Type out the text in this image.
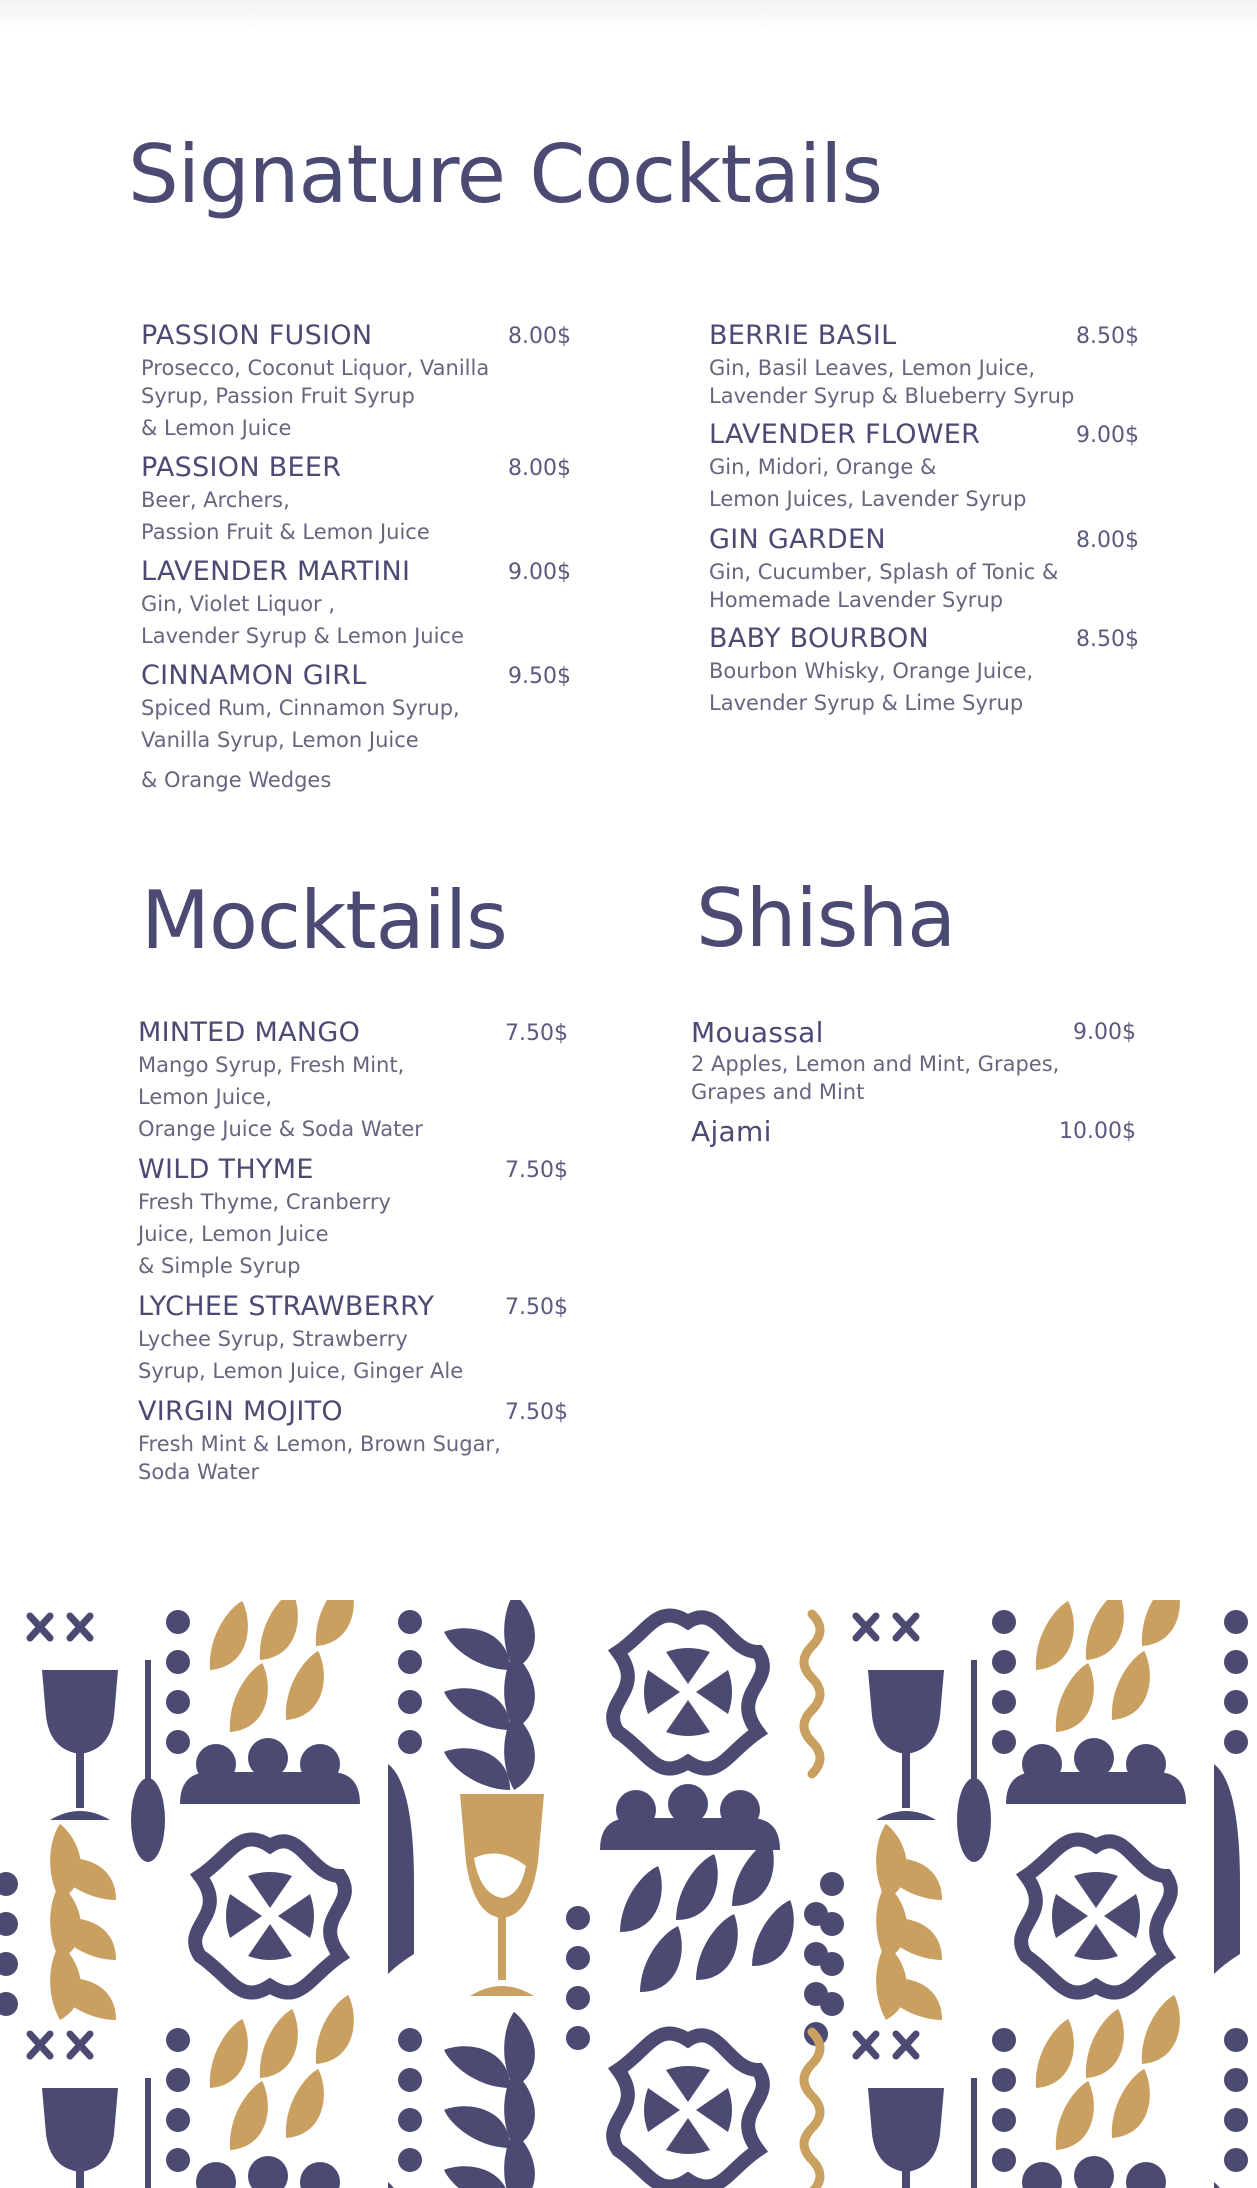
Signature Cocktails
PASSION FUSION	8.00$
Prosecco, Coconut Liquor, Vanilla
Syrup, Passion Fruit Syrup
& Lemon Juice
PASSION BEER	8.00$
Beer, Archers,
Passion Fruit & Lemon Juice
LAVENDER MARTINI	9.00$
Gin, Violet Liquor ,
Lavender Syrup & Lemon Juice
CINNAMON GIRL	9.50$
Spiced Rum, Cinnamon Syrup,
Vanilla Syrup, Lemon Juice
& Orange Wedges
BERRIE BASIL	8.50$
Gin, Basil Leaves, Lemon Juice,
Lavender Syrup & Blueberry Syrup
LAVENDER FLOWER	9.00$
Gin, Midori, Orange &
Lemon Juices, Lavender Syrup
GIN GARDEN	8.00$
Gin, Cucumber, Splash of Tonic &
Homemade Lavender Syrup
BABY BOURBON	8.50$
Bourbon Whisky, Orange Juice,
Lavender Syrup & Lime Syrup
Mocktails Shisha
MINTED MANGO	7.50$
Mango Syrup, Fresh Mint,
Lemon Juice,
Orange Juice & Soda Water
WILD THYME	7.50$
Fresh Thyme, Cranberry
Juice, Lemon Juice
& Simple Syrup
LYCHEE STRAWBERRY	7.50$
Lychee Syrup, Strawberry
Syrup, Lemon Juice, Ginger Ale
VIRGIN MOJITO	7.50$
Fresh Mint & Lemon, Brown Sugar,
Soda Water
Mouassal	9.00$
2 Apples, Lemon and Mint, Grapes,
Grapes and Mint
Ajami	10.00$
